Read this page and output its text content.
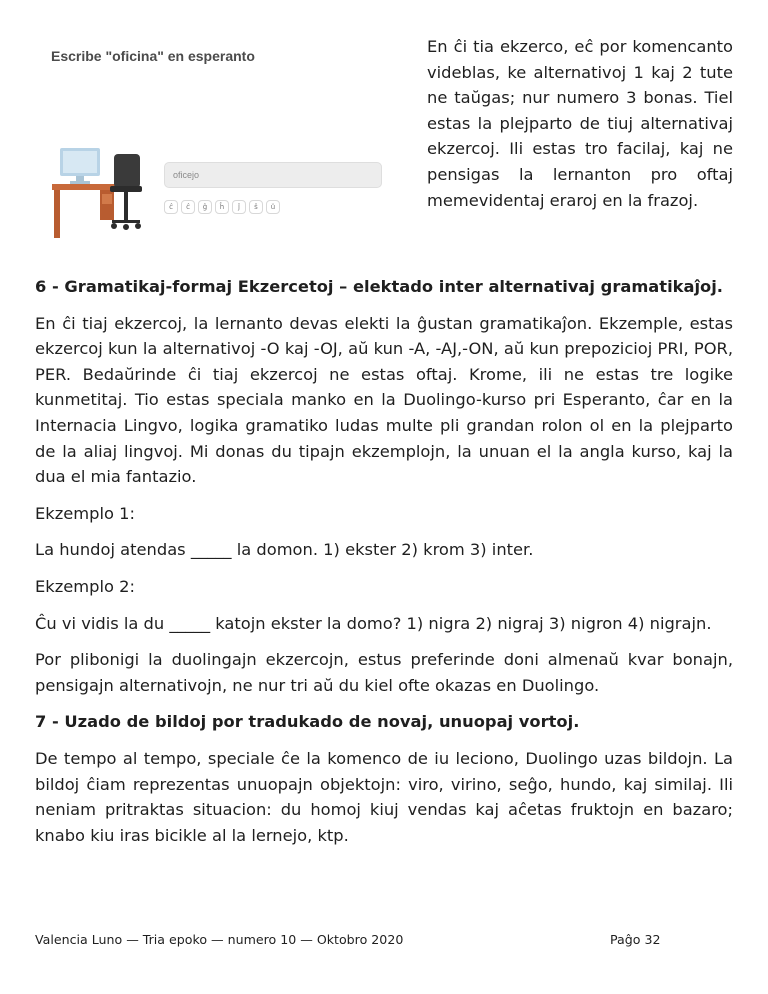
Escribe "oficina" en esperanto
oficejo
ĉ	ĉ	ĝ	ĥ	ĵ	ŝ	ŭ

En ĉi tia ekzerco, eĉ por komencanto videblas, ke alternativoj 1 kaj 2 tute ne taŭgas; nur numero 3 bonas. Tiel estas la plejparto de tiuj alternativaj ekzercoj. Ili estas tro facilaj, kaj ne pensigas la lernanton pro oftaj memevidentaj eraroj en la frazoj.

6 - Gramatikaj-formaj Ekzercetoj – elektado inter alternativaj gramatikaĵoj.

En ĉi tiaj ekzercoj, la lernanto devas elekti la ĝustan gramatikaĵon. Ekzemple, estas ekzercoj kun la alternativoj -O kaj -OJ, aŭ kun -A, -AJ,-ON, aŭ kun prepozicioj PRI, POR, PER. Bedaŭrinde ĉi tiaj ekzercoj ne estas oftaj. Krome, ili ne estas tre logike kunmetitaj. Tio estas speciala manko en la Duolingo-kurso pri Esperanto, ĉar en la Internacia Lingvo, logika gramatiko ludas multe pli grandan rolon ol en la plejparto de la aliaj lingvoj. Mi donas du tipajn ekzemplojn, la unuan el la angla kurso, kaj la dua el mia fantazio.

Ekzemplo 1:

La hundoj atendas _____ la domon. 1) ekster 2) krom 3) inter.

Ekzemplo 2:

Ĉu vi vidis la du _____ katojn ekster la domo? 1) nigra 2) nigraj 3) nigron 4) nigrajn.

Por plibonigi la duolingajn ekzercojn, estus preferinde doni almenaŭ kvar bonajn, pensigajn alternativojn, ne nur tri aŭ du kiel ofte okazas en Duolingo.

7 - Uzado de bildoj por tradukado de novaj, unuopaj vortoj.

De tempo al tempo, speciale ĉe la komenco de iu leciono, Duolingo uzas bildojn. La bildoj ĉiam reprezentas unuopajn objektojn: viro, virino, seĝo, hundo, kaj similaj. Ili neniam pritraktas situacion: du homoj kiuj vendas kaj aĉetas fruktojn en bazaro; knabo kiu iras bicikle al la lernejo, ktp.

Valencia Luno — Tria epoko — numero 10 — Oktobro 2020	Paĝo 32
